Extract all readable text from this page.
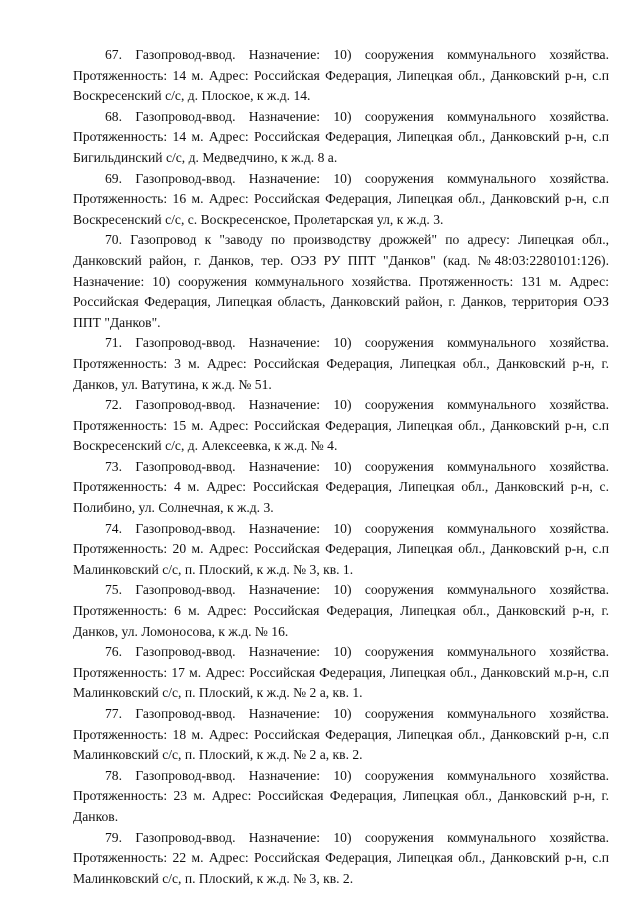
67. Газопровод-ввод. Назначение: 10) сооружения коммунального хозяйства. Протяженность: 14 м. Адрес: Российская Федерация, Липецкая обл., Данковский р-н, с.п Воскресенский с/с, д. Плоское, к ж.д. 14.

68. Газопровод-ввод. Назначение: 10) сооружения коммунального хозяйства. Протяженность: 14 м. Адрес: Российская Федерация, Липецкая обл., Данковский р-н, с.п Бигильдинский с/с, д. Медведчино, к ж.д. 8 а.

69. Газопровод-ввод. Назначение: 10) сооружения коммунального хозяйства. Протяженность: 16 м. Адрес: Российская Федерация, Липецкая обл., Данковский р-н, с.п Воскресенский с/с, с. Воскресенское, Пролетарская ул, к ж.д. 3.

70. Газопровод к "заводу по производству дрожжей" по адресу: Липецкая обл., Данковский район, г. Данков, тер. ОЭЗ РУ ППТ "Данков" (кад. №48:03:2280101:126). Назначение: 10) сооружения коммунального хозяйства. Протяженность: 131 м. Адрес: Российская Федерация, Липецкая область, Данковский район, г. Данков, территория ОЭЗ ППТ "Данков".

71. Газопровод-ввод. Назначение: 10) сооружения коммунального хозяйства. Протяженность: 3 м. Адрес: Российская Федерация, Липецкая обл., Данковский р-н, г. Данков, ул. Ватутина, к ж.д. № 51.

72. Газопровод-ввод. Назначение: 10) сооружения коммунального хозяйства. Протяженность: 15 м. Адрес: Российская Федерация, Липецкая обл., Данковский р-н, с.п Воскресенский с/с, д. Алексеевка, к ж.д. № 4.

73. Газопровод-ввод. Назначение: 10) сооружения коммунального хозяйства. Протяженность: 4 м. Адрес: Российская Федерация, Липецкая обл., Данковский р-н, с. Полибино, ул. Солнечная, к ж.д. 3.

74. Газопровод-ввод. Назначение: 10) сооружения коммунального хозяйства. Протяженность: 20 м. Адрес: Российская Федерация, Липецкая обл., Данковский р-н, с.п Малинковский с/с, п. Плоский, к ж.д. № 3, кв. 1.

75. Газопровод-ввод. Назначение: 10) сооружения коммунального хозяйства. Протяженность: 6 м. Адрес: Российская Федерация, Липецкая обл., Данковский р-н, г. Данков, ул. Ломоносова, к ж.д. № 16.

76. Газопровод-ввод. Назначение: 10) сооружения коммунального хозяйства. Протяженность: 17 м. Адрес: Российская Федерация, Липецкая обл., Данковский м.р-н, с.п Малинковский с/с, п. Плоский, к ж.д. № 2 а, кв. 1.

77. Газопровод-ввод. Назначение: 10) сооружения коммунального хозяйства. Протяженность: 18 м. Адрес: Российская Федерация, Липецкая обл., Данковский р-н, с.п Малинковский с/с, п. Плоский, к ж.д. № 2 а, кв. 2.

78. Газопровод-ввод. Назначение: 10) сооружения коммунального хозяйства. Протяженность: 23 м. Адрес: Российская Федерация, Липецкая обл., Данковский р-н, г. Данков.

79. Газопровод-ввод. Назначение: 10) сооружения коммунального хозяйства. Протяженность: 22 м. Адрес: Российская Федерация, Липецкая обл., Данковский р-н, с.п Малинковский с/с, п. Плоский, к ж.д. № 3, кв. 2.
